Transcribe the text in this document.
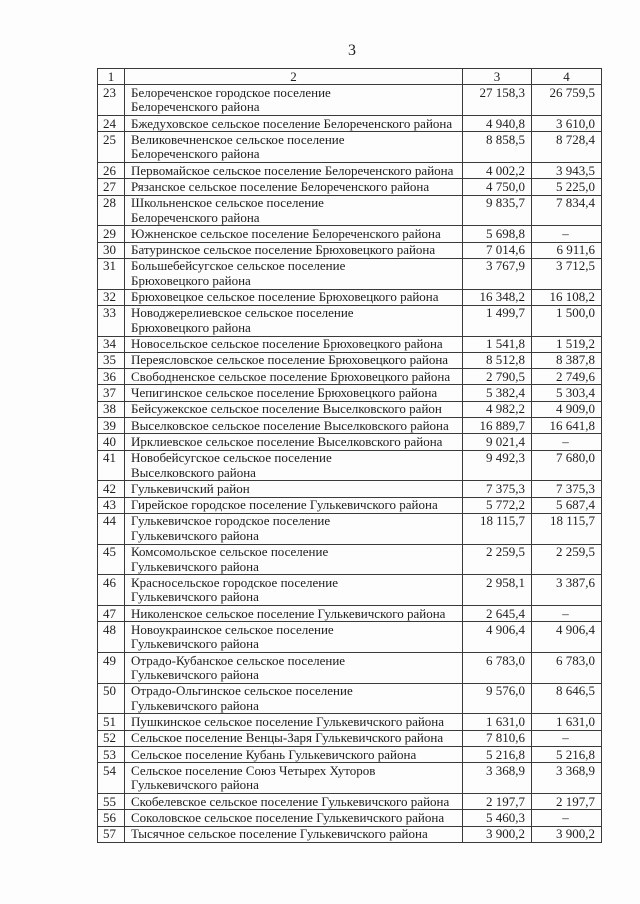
3
1	2	3	4
23	Белореченское городское поселение
Белореченского района	27 158,3	26 759,5
24	Бжедуховское сельское поселение Белореченского района	4 940,8	3 610,0
25	Великовечненское сельское поселение
Белореченского района	8 858,5	8 728,4
26	Первомайское сельское поселение Белореченского района	4 002,2	3 943,5
27	Рязанское сельское поселение Белореченского района	4 750,0	5 225,0
28	Школьненское сельское поселение
Белореченского района	9 835,7	7 834,4
29	Южненское сельское поселение Белореченского района	5 698,8	–
30	Батуринское сельское поселение Брюховецкого района	7 014,6	6 911,6
31	Большебейсугское сельское поселение
Брюховецкого района	3 767,9	3 712,5
32	Брюховецкое сельское поселение Брюховецкого района	16 348,2	16 108,2
33	Новоджерелиевское сельское поселение
Брюховецкого района	1 499,7	1 500,0
34	Новосельское сельское поселение Брюховецкого района	1 541,8	1 519,2
35	Переясловское сельское поселение Брюховецкого района	8 512,8	8 387,8
36	Свободненское сельское поселение Брюховецкого района	2 790,5	2 749,6
37	Чепигинское сельское поселение Брюховецкого района	5 382,4	5 303,4
38	Бейсужекское сельское поселение Выселковского район	4 982,2	4 909,0
39	Выселковское сельское поселение Выселковского района	16 889,7	16 641,8
40	Ирклиевское сельское поселение Выселковского района	9 021,4	–
41	Новобейсугское сельское поселение
Выселковского района	9 492,3	7 680,0
42	Гулькевичский район	7 375,3	7 375,3
43	Гирейское городское поселение Гулькевичского района	5 772,2	5 687,4
44	Гулькевичское городское поселение
Гулькевичского района	18 115,7	18 115,7
45	Комсомольское сельское поселение
Гулькевичского района	2 259,5	2 259,5
46	Красносельское городское поселение
Гулькевичского района	2 958,1	3 387,6
47	Николенское сельское поселение Гулькевичского района	2 645,4	–
48	Новоукраинское сельское поселение
Гулькевичского района	4 906,4	4 906,4
49	Отрадо-Кубанское сельское поселение
Гулькевичского района	6 783,0	6 783,0
50	Отрадо-Ольгинское сельское поселение
Гулькевичского района	9 576,0	8 646,5
51	Пушкинское сельское поселение Гулькевичского района	1 631,0	1 631,0
52	Сельское поселение Венцы-Заря Гулькевичского района	7 810,6	–
53	Сельское поселение Кубань Гулькевичского района	5 216,8	5 216,8
54	Сельское поселение Союз Четырех Хуторов
Гулькевичского района	3 368,9	3 368,9
55	Скобелевское сельское поселение Гулькевичского района	2 197,7	2 197,7
56	Соколовское сельское поселение Гулькевичского района	5 460,3	–
57	Тысячное сельское поселение Гулькевичского района	3 900,2	3 900,2
